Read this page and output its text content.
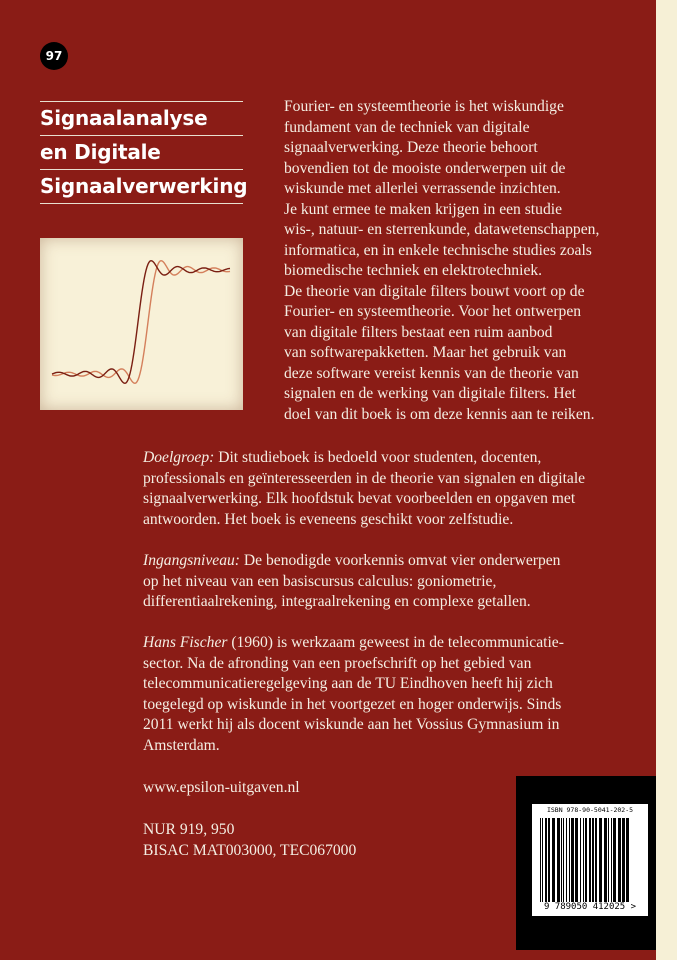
97
Signaalanalyse
en Digitale
Signaalverwerking

Fourier- en systeemtheorie is het wiskundige

fundament van de techniek van digitale

signaalverwerking. Deze theorie behoort

bovendien tot de mooiste onderwerpen uit de

wiskunde met allerlei verrassende inzichten.

Je kunt ermee te maken krijgen in een studie

wis-, natuur- en sterrenkunde, datawetenschappen,

informatica, en in enkele technische studies zoals

biomedische techniek en elektrotechniek.

De theorie van digitale filters bouwt voort op de

Fourier- en systeemtheorie. Voor het ontwerpen

van digitale filters bestaat een ruim aanbod

van softwarepakketten. Maar het gebruik van

deze software vereist kennis van de theorie van

signalen en de werking van digitale filters. Het

doel van dit boek is om deze kennis aan te reiken.

Doelgroep: Dit studieboek is bedoeld voor studenten, docenten,

professionals en geïnteresseerden in de theorie van signalen en digitale

signaalverwerking. Elk hoofdstuk bevat voorbeelden en opgaven met

antwoorden. Het boek is eveneens geschikt voor zelfstudie.

Ingangsniveau: De benodigde voorkennis omvat vier onderwerpen

op het niveau van een basiscursus calculus: goniometrie,

differentiaalrekening, integraalrekening en complexe getallen.

Hans Fischer (1960) is werkzaam geweest in de telecommunicatie-

sector. Na de afronding van een proefschrift op het gebied van

telecommunicatieregelgeving aan de TU Eindhoven heeft hij zich

toegelegd op wiskunde in het voortgezet en hoger onderwijs. Sinds

2011 werkt hij als docent wiskunde aan het Vossius Gymnasium in

Amsterdam.

www.epsilon-uitgaven.nl

NUR 919, 950

BISAC MAT003000, TEC067000

ISBN 978-90-5041-202-5
9 789050 412025 >
